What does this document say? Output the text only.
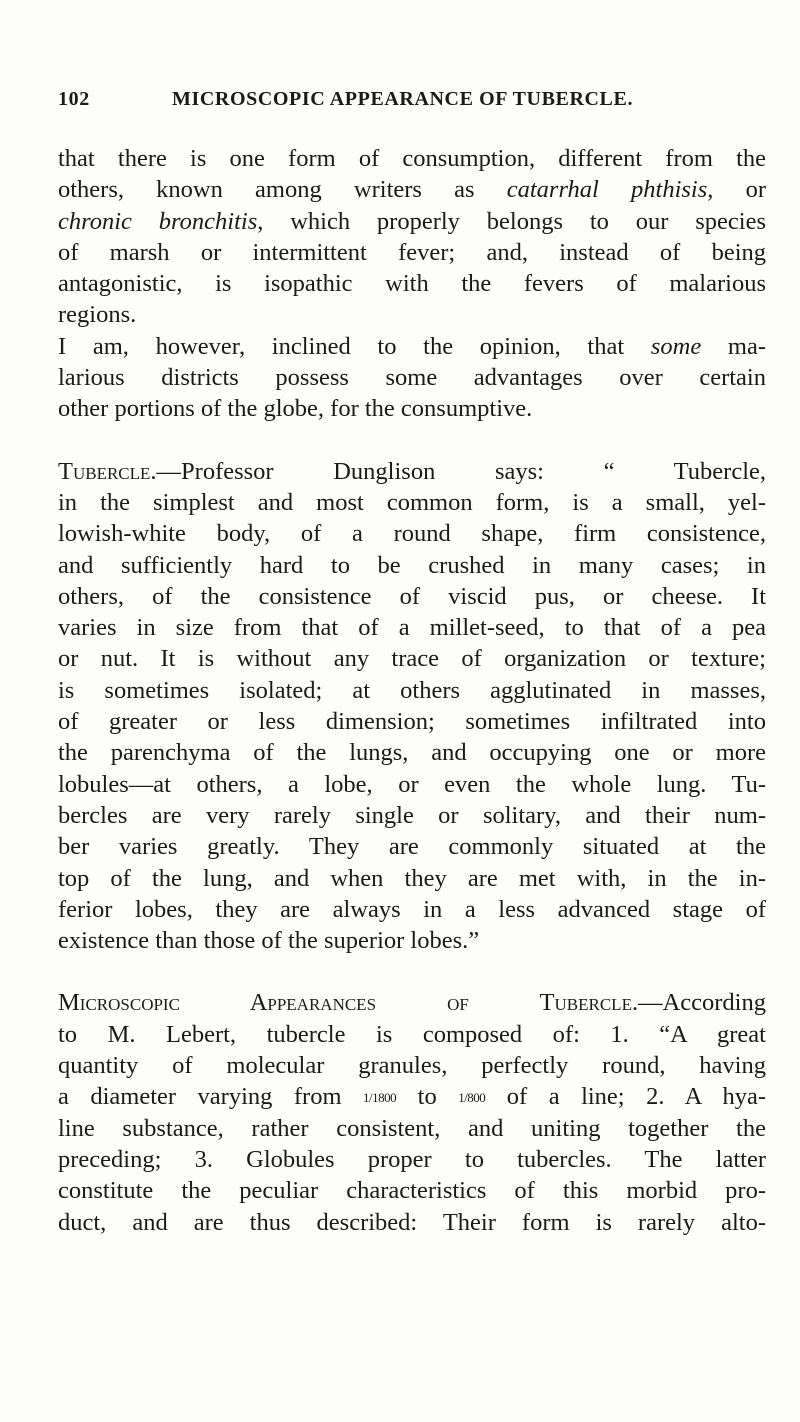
102	MICROSCOPIC APPEARANCE OF TUBERCLE.
that there is one form of consumption, different from the
others, known among writers as catarrhal phthisis, or
chronic bronchitis, which properly belongs to our species
of marsh or intermittent fever; and, instead of being
antagonistic, is isopathic with the fevers of malarious
regions.
I am, however, inclined to the opinion, that some ma-
larious districts possess some advantages over certain
other portions of the globe, for the consumptive.
Tubercle.—Professor Dunglison says: “ Tubercle,
in the simplest and most common form, is a small, yel-
lowish-white body, of a round shape, firm consistence,
and sufficiently hard to be crushed in many cases; in
others, of the consistence of viscid pus, or cheese. It
varies in size from that of a millet-seed, to that of a pea
or nut. It is without any trace of organization or texture;
is sometimes isolated; at others agglutinated in masses,
of greater or less dimension; sometimes infiltrated into
the parenchyma of the lungs, and occupying one or more
lobules—at others, a lobe, or even the whole lung. Tu-
bercles are very rarely single or solitary, and their num-
ber varies greatly. They are commonly situated at the
top of the lung, and when they are met with, in the in-
ferior lobes, they are always in a less advanced stage of
existence than those of the superior lobes.”
Microscopic Appearances of Tubercle.—According
to M. Lebert, tubercle is composed of: 1. “A great
quantity of molecular granules, perfectly round, having
a diameter varying from 1/1800 to 1/800 of a line; 2. A hya-
line substance, rather consistent, and uniting together the
preceding; 3. Globules proper to tubercles. The latter
constitute the peculiar characteristics of this morbid pro-
duct, and are thus described: Their form is rarely alto-
